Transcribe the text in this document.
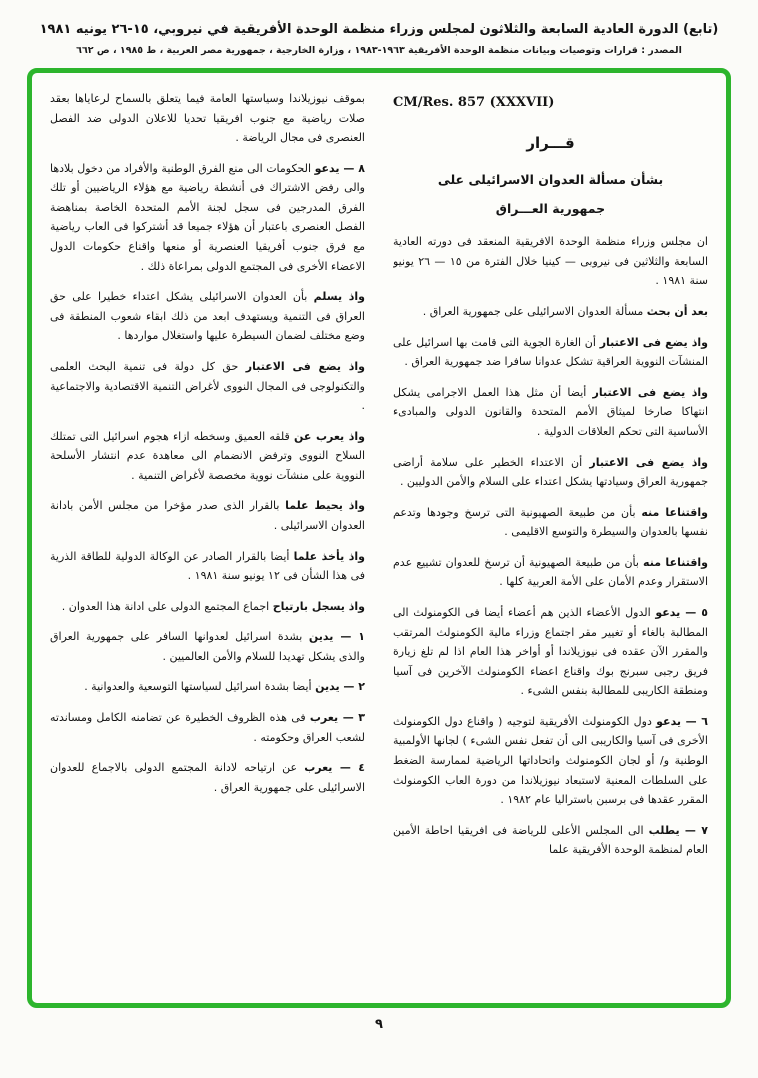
(تابع) الدورة العادية السابعة والثلاثون لمجلس وزراء منظمة الوحدة الأفريقية في نيروبي، ١٥-٢٦ يونيه ١٩٨١
المصدر : قرارات وتوصيات وبيانات منظمة الوحدة الأفريقية ١٩٦٣-١٩٨٣ ، وزارة الخارجية ، جمهورية مصر العربية ، ط ١٩٨٥ ، ص ٦٦٢
CM/Res. 857 (XXXVII)
قـــرار
بشأن مسألة العدوان الاسرائيلى على
جمهورية العـــراق

ان مجلس وزراء منظمة الوحدة الافريقية المنعقد فى دورته العادية السابعة والثلاثين فى نيروبى — كينيا خلال الفترة من ١٥ — ٢٦ يونيو سنة ١٩٨١ .

بعد أن بحث مسألة العدوان الاسرائيلى على جمهورية العراق .

واذ يضع فى الاعتبار أن الغارة الجوية التى قامت بها اسرائيل على المنشآت النووية العراقية تشكل عدوانا سافرا ضد جمهورية العراق .

واذ يضع فى الاعتبار أيضا أن مثل هذا العمل الاجرامى يشكل انتهاكا صارخا لميثاق الأمم المتحدة والقانون الدولى والمبادىء الأساسية التى تحكم العلاقات الدولية .

واذ يضع فى الاعتبار أن الاعتداء الخطير على سلامة أراضى جمهورية العراق وسيادتها يشكل اعتداء على السلام والأمن الدوليين .

واقتناعا منه بأن من طبيعة الصهيونية التى ترسخ وجودها وتدعم نفسها بالعدوان والسيطرة والتوسع الاقليمى .

واقتناعا منه بأن من طبيعة الصهيونية أن ترسخ للعدوان تشييع عدم الاستقرار وعدم الأمان على الأمة العربية كلها .

٥ — يدعو الدول الأعضاء الذين هم أعضاء أيضا فى الكومنولث الى المطالبة بالغاء أو تغيير مقر اجتماع وزراء مالية الكومنولث المرتقب والمقرر الآن عقده فى نيوزيلاندا أو أواخر هذا العام اذا لم تلغ زيارة فريق رجبى سبرنج بوك واقناع اعضاء الكومنولث الآخرين فى آسيا ومنطقة الكاريبى للمطالبة بنفس الشىء .

٦ — يدعو دول الكومنولث الأفريقية لتوجيه ( واقناع دول الكومنولث الأخرى فى آسيا والكاريبى الى أن تفعل نفس الشىء ) لجانها الأولمبية الوطنية و/ أو لجان الكومنولث واتحاداتها الرياضية لممارسة الضغط على السلطات المعنية لاستبعاد نيوزيلاندا من دورة العاب الكومنولث المقرر عقدها فى برسبن باستراليا عام ١٩٨٢ .

٧ — يطلب الى المجلس الأعلى للرياضة فى افريقيا احاطة الأمين العام لمنظمة الوحدة الأفريقية علما

بموقف نيوزيلاندا وسياستها العامة فيما يتعلق بالسماح لرعاياها بعقد صلات رياضية مع جنوب افريقيا تحديا للاعلان الدولى ضد الفصل العنصرى فى مجال الرياضة .

٨ — يدعو الحكومات الى منع الفرق الوطنية والأفراد من دخول بلادها والى رفض الاشتراك فى أنشطة رياضية مع هؤلاء الرياضيين أو تلك الفرق المدرجين فى سجل لجنة الأمم المتحدة الخاصة بمناهضة الفصل العنصرى باعتبار أن هؤلاء جميعا قد أشتركوا فى العاب رياضية مع فرق جنوب أفريقيا العنصرية أو منعها واقناع حكومات الدول الاعضاء الأخرى فى المجتمع الدولى بمراعاة ذلك .

واذ يسلم بأن العدوان الاسرائيلى يشكل اعتداء خطيرا على حق العراق فى التنمية ويستهدف ابعد من ذلك ابقاء شعوب المنطقة فى وضع مختلف لضمان السيطرة عليها واستغلال مواردها .

واذ يضع فى الاعتبار حق كل دولة فى تنمية البحث العلمى والتكنولوجى فى المجال النووى لأغراض التنمية الاقتصادية والاجتماعية .

واذ يعرب عن قلقه العميق وسخطه ازاء هجوم اسرائيل التى تمتلك السلاح النووى وترفض الانضمام الى معاهدة عدم انتشار الأسلحة النووية على منشآت نووية مخصصة لأغراض التنمية .

واذ يحيط علما بالقرار الذى صدر مؤخرا من مجلس الأمن بادانة العدوان الاسرائيلى .

واذ يأخذ علما أيضا بالقرار الصادر عن الوكالة الدولية للطاقة الذرية فى هذا الشأن فى ١٢ يونيو سنة ١٩٨١ .

واذ يسجل بارتياح اجماع المجتمع الدولى على ادانة هذا العدوان .

١ — يدين بشدة اسرائيل لعدوانها السافر على جمهورية العراق والذى يشكل تهديدا للسلام والأمن العالميين .

٢ — يدين أيضا بشدة اسرائيل لسياستها التوسعية والعدوانية .

٣ — يعرب فى هذه الظروف الخطيرة عن تضامنه الكامل ومساندته لشعب العراق وحكومته .

٤ — يعرب عن ارتياحه لادانة المجتمع الدولى بالاجماع للعدوان الاسرائيلى على جمهورية العراق .

٩
